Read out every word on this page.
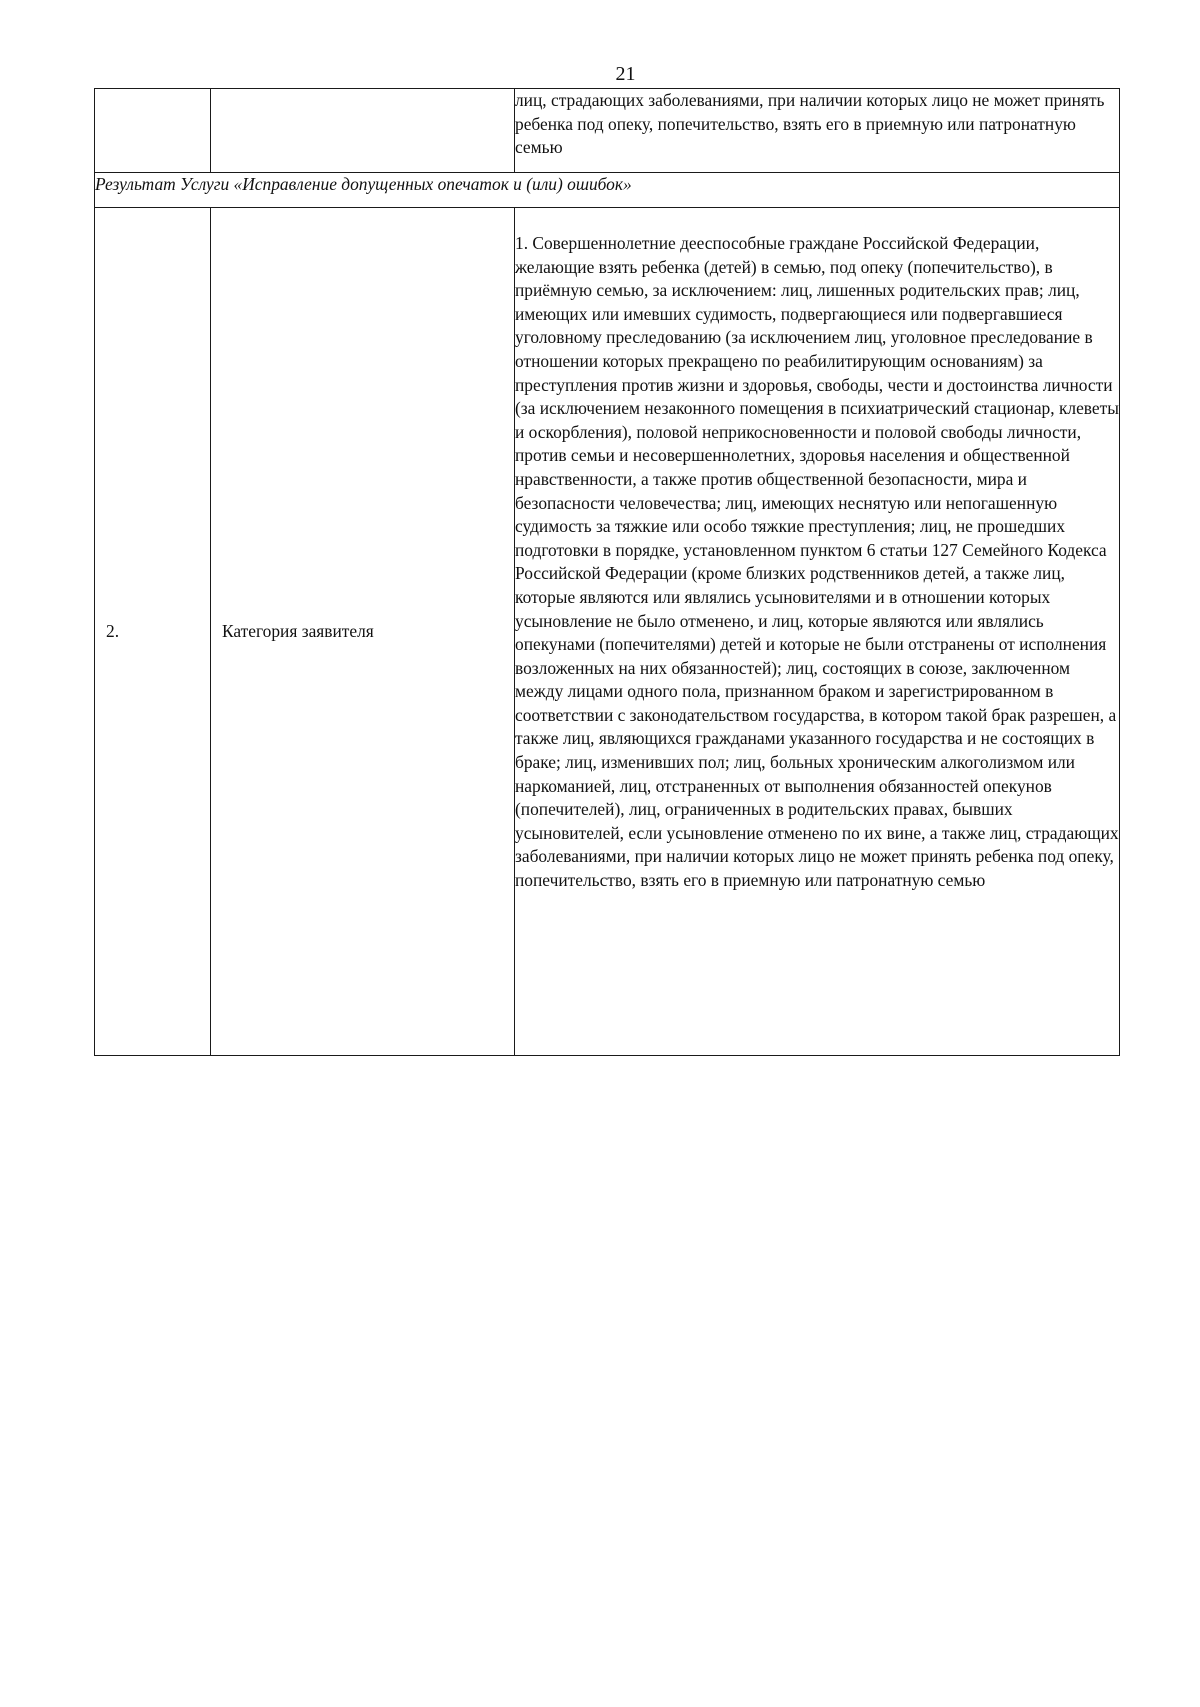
21
		лиц, страдающих заболеваниями, при наличии которых лицо не может принять ребенка под опеку, попечительство, взять его в приемную или патронатную семью
Результат Услуги «Исправление допущенных опечаток и (или) ошибок»		
2.	Категория заявителя	1. Совершеннолетние дееспособные граждане Российской Федерации, желающие взять ребенка (детей) в семью, под опеку (попечительство), в приёмную семью, за исключением: лиц, лишенных родительских прав; лиц, имеющих или имевших судимость, подвергающиеся или подвергавшиеся уголовному преследованию (за исключением лиц, уголовное преследование в отношении которых прекращено по реабилитирующим основаниям) за преступления против жизни и здоровья, свободы, чести и достоинства личности (за исключением незаконного помещения в психиатрический стационар, клеветы и оскорбления), половой неприкосновенности и половой свободы личности, против семьи и несовершеннолетних, здоровья населения и общественной нравственности, а также против общественной безопасности, мира и безопасности человечества; лиц, имеющих неснятую или непогашенную судимость за тяжкие или особо тяжкие преступления; лиц, не прошедших подготовки в порядке, установленном пунктом 6 статьи 127 Семейного Кодекса Российской Федерации (кроме близких родственников детей, а также лиц, которые являются или являлись усыновителями и в отношении которых усыновление не было отменено, и лиц, которые являются или являлись опекунами (попечителями) детей и которые не были отстранены от исполнения возложенных на них обязанностей); лиц, состоящих в союзе, заключенном между лицами одного пола, признанном браком и зарегистрированном в соответствии с законодательством государства, в котором такой брак разрешен, а также лиц, являющихся гражданами указанного государства и не состоящих в браке; лиц, изменивших пол; лиц, больных хроническим алкоголизмом или наркоманией, лиц, отстраненных от выполнения обязанностей опекунов (попечителей), лиц, ограниченных в родительских правах, бывших усыновителей, если усыновление отменено по их вине, а также лиц, страдающих заболеваниями, при наличии которых лицо не может принять ребенка под опеку, попечительство, взять его в приемную или патронатную семью
